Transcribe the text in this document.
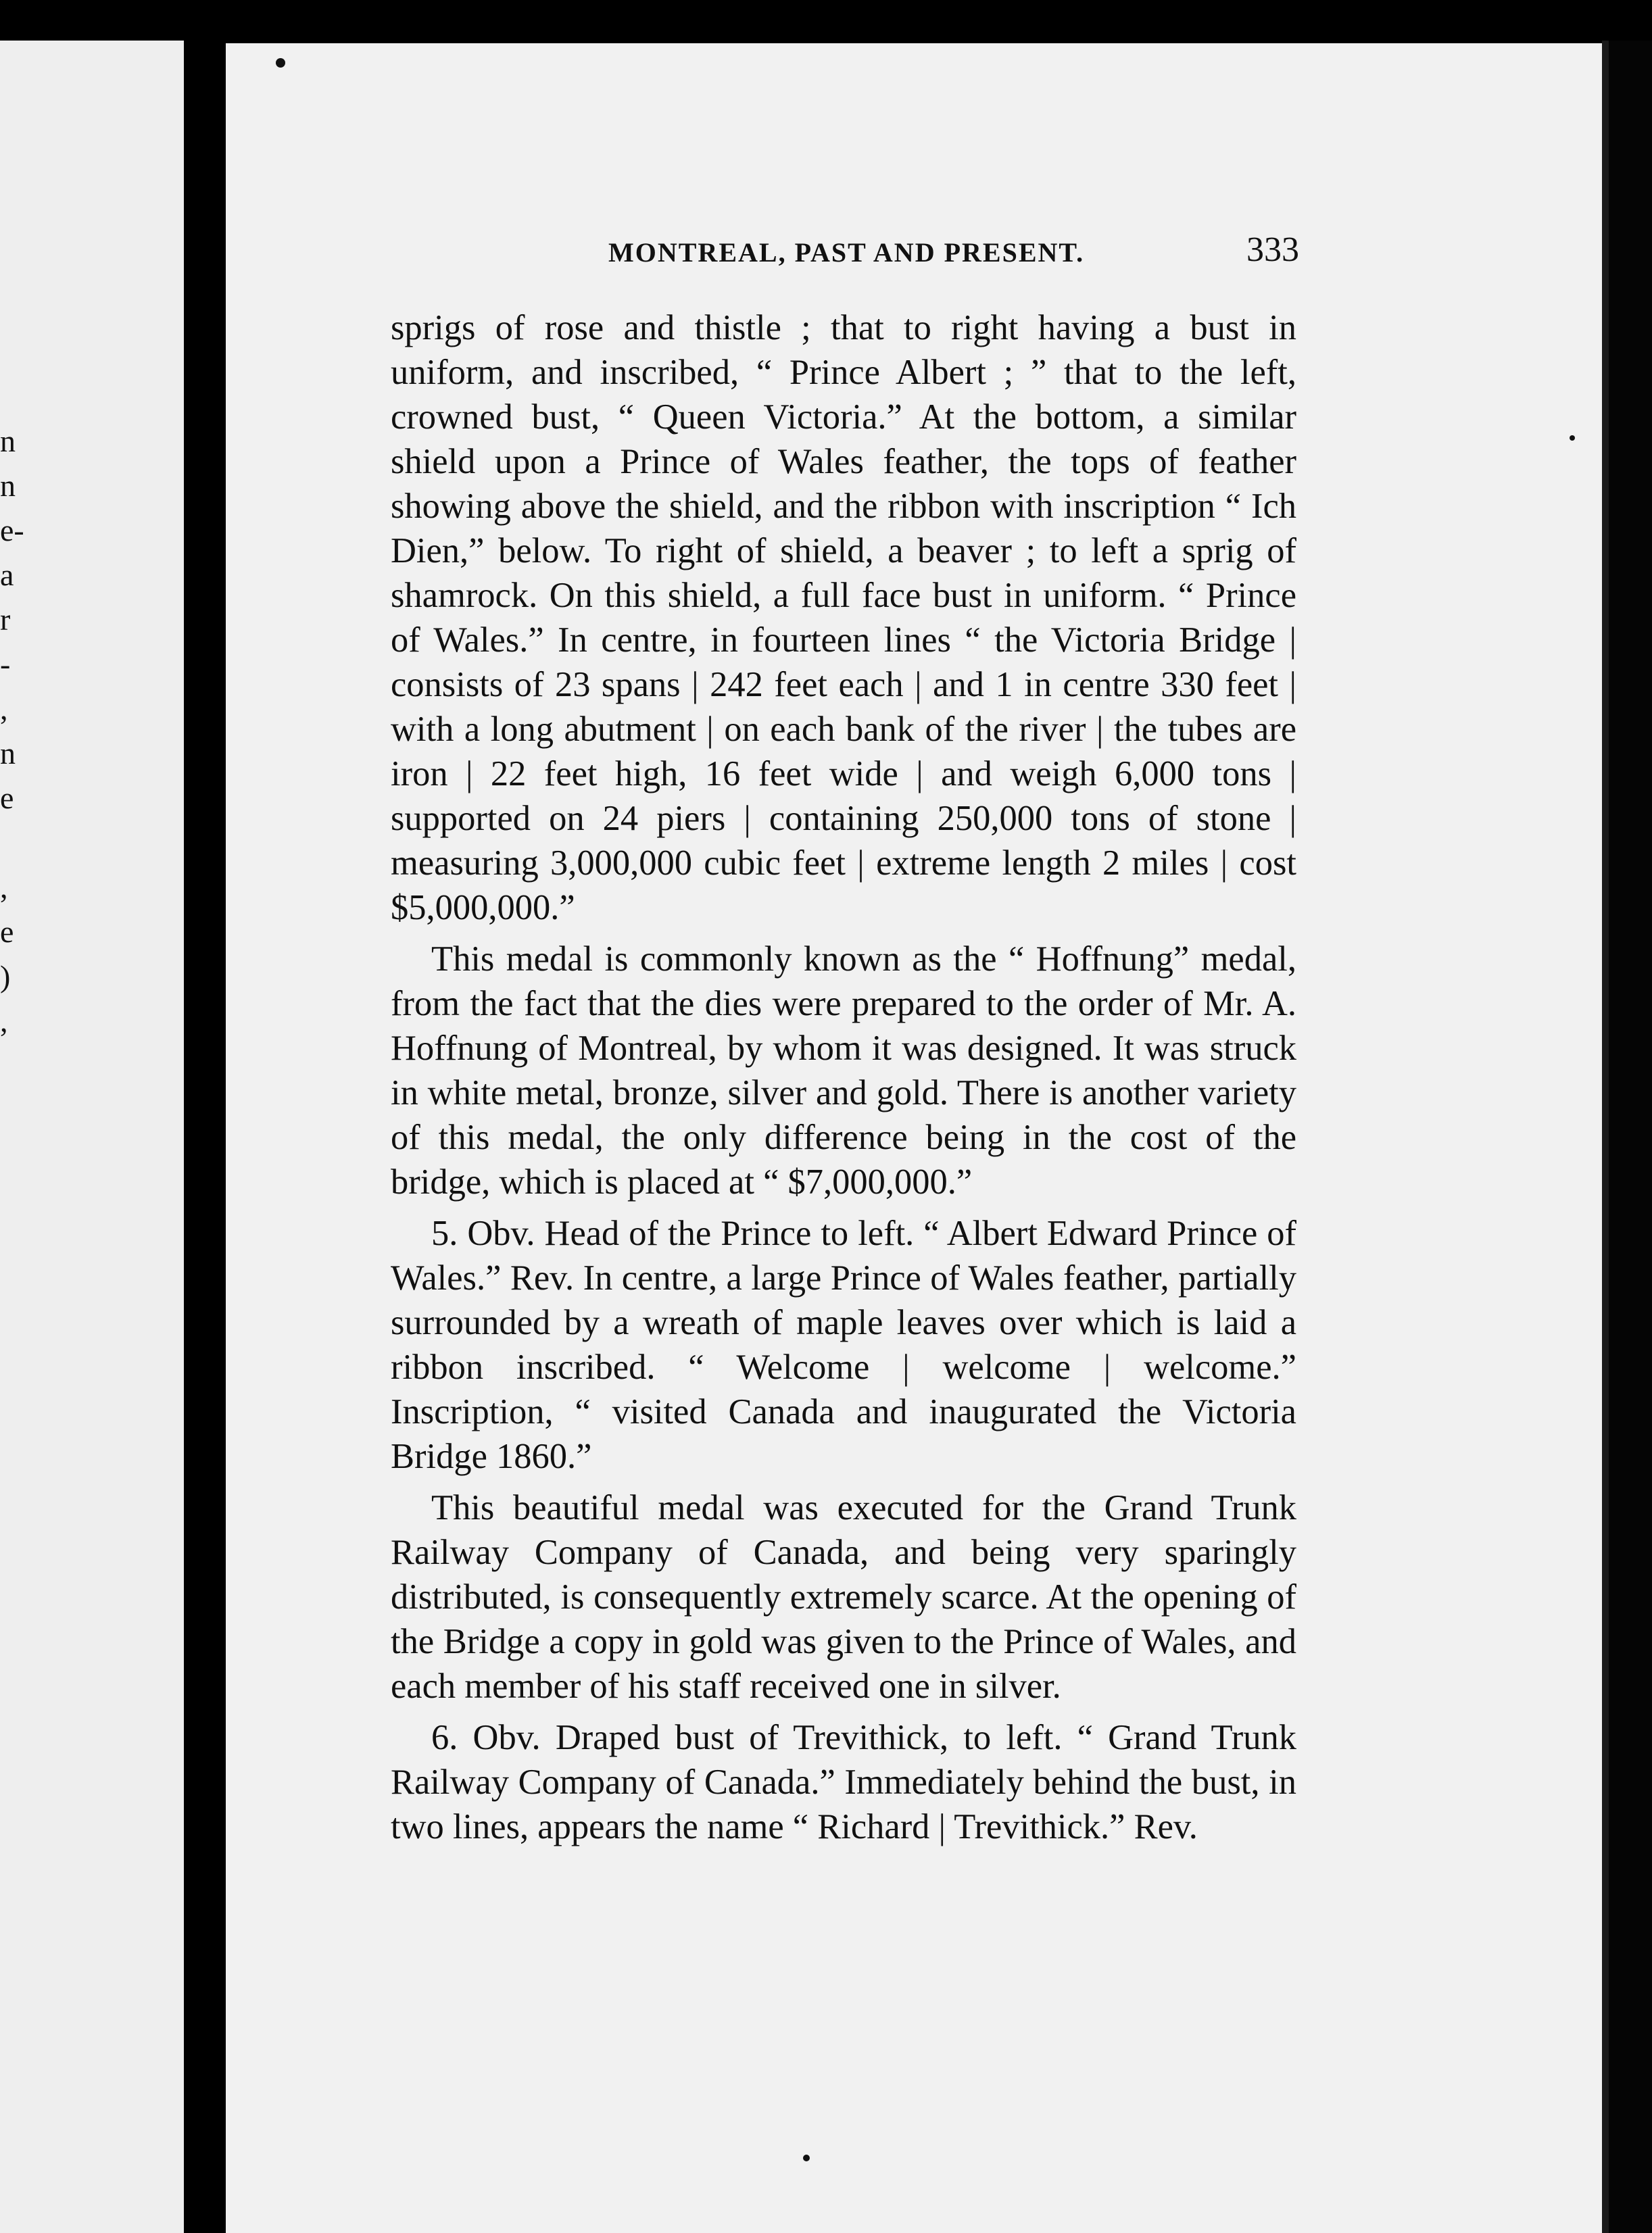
n
n
e-
a
r
-
,
n
e
,
e
)
,
MONTREAL, PAST AND PRESENT.	333

sprigs of rose and thistle ; that to right having a bust in uniform, and inscribed, “ Prince Albert ; ” that to the left, crowned bust, “ Queen Victoria.” At the bottom, a similar shield upon a Prince of Wales feather, the tops of feather showing above the shield, and the ribbon with inscription “ Ich Dien,” below. To right of shield, a beaver ; to left a sprig of shamrock. On this shield, a full face bust in uniform. “ Prince of Wales.” In centre, in fourteen lines “ the Victoria Bridge | consists of 23 spans | 242 feet each | and 1 in centre 330 feet | with a long abutment | on each bank of the river | the tubes are iron | 22 feet high, 16 feet wide | and weigh 6,000 tons | supported on 24 piers | containing 250,000 tons of stone | measuring 3,000,000 cubic feet | extreme length 2 miles | cost $5,000,000.”

This medal is commonly known as the “ Hoffnung” medal, from the fact that the dies were prepared to the order of Mr. A. Hoffnung of Montreal, by whom it was designed. It was struck in white metal, bronze, silver and gold. There is another variety of this medal, the only difference being in the cost of the bridge, which is placed at “ $7,000,000.”

5. Obv. Head of the Prince to left. “ Albert Edward Prince of Wales.” Rev. In centre, a large Prince of Wales feather, partially surrounded by a wreath of maple leaves over which is laid a ribbon inscribed. “ Welcome | welcome | welcome.” Inscription, “ visited Canada and inaugurated the Victoria Bridge 1860.”

This beautiful medal was executed for the Grand Trunk Railway Company of Canada, and being very sparingly distributed, is consequently extremely scarce. At the opening of the Bridge a copy in gold was given to the Prince of Wales, and each member of his staff received one in silver.

6. Obv. Draped bust of Trevithick, to left. “ Grand Trunk Railway Company of Canada.” Immediately behind the bust, in two lines, appears the name “ Richard | Trevithick.” Rev.
